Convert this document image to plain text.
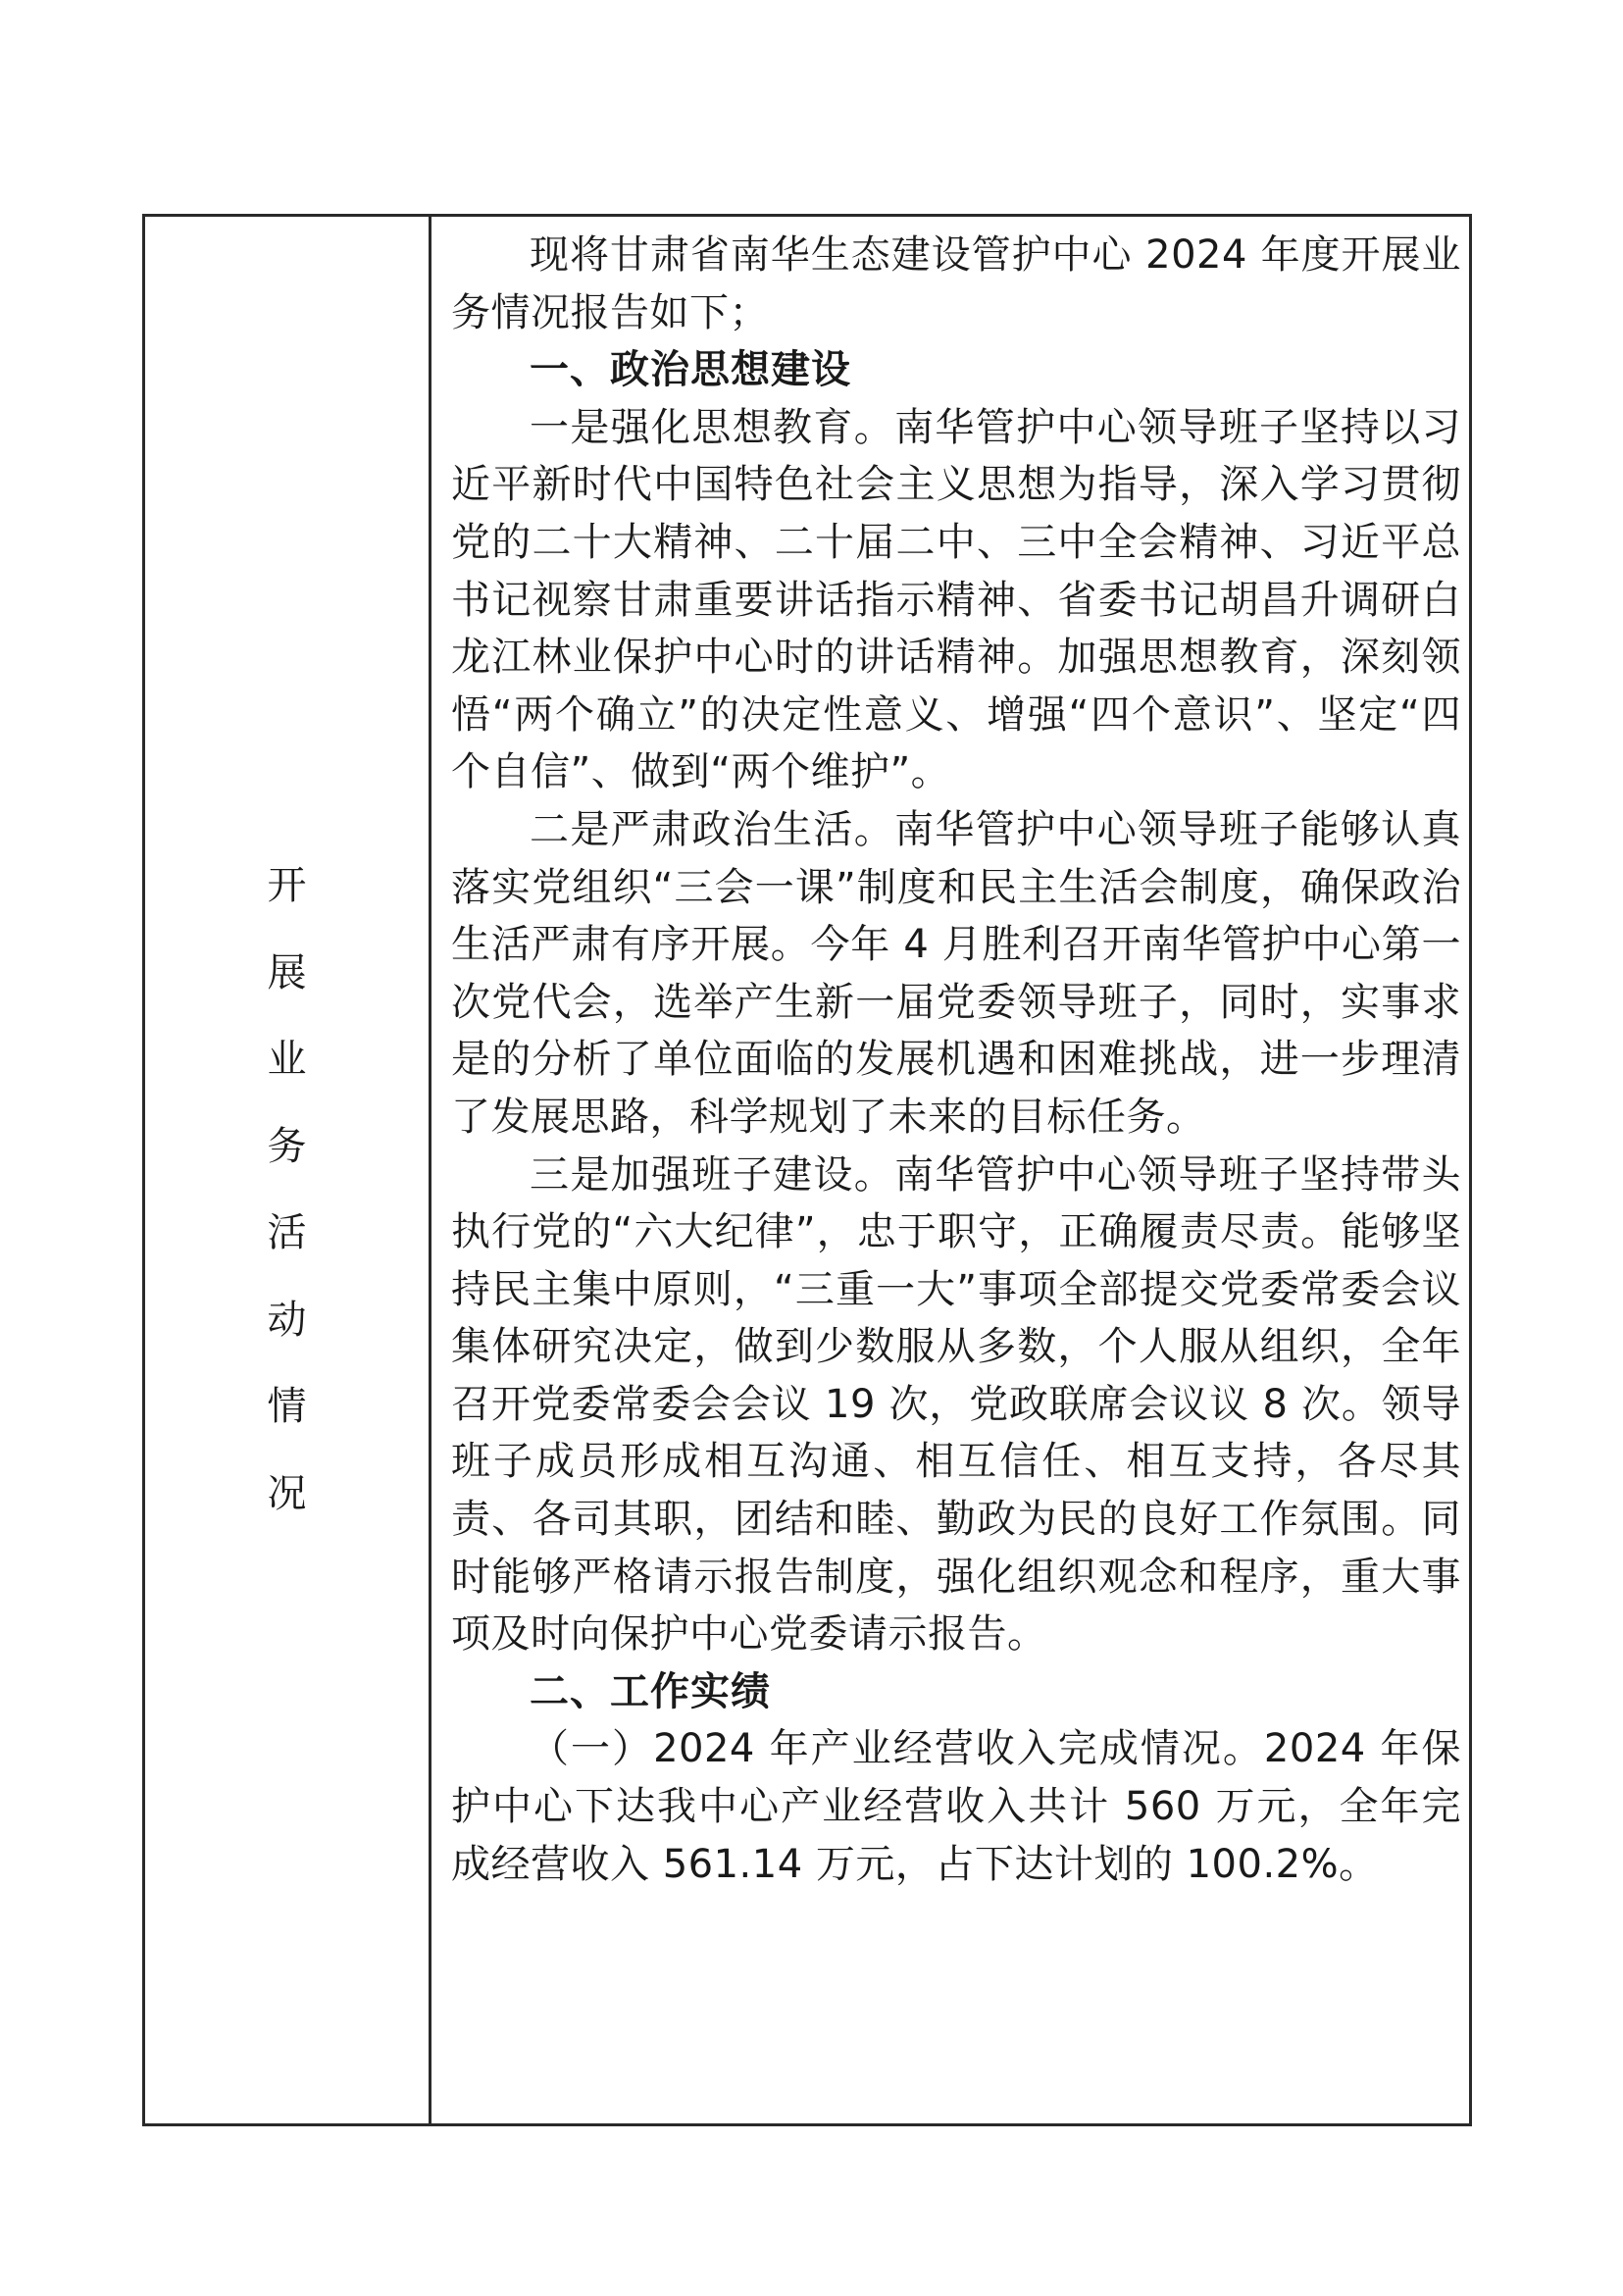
开
展
业
务
活
动
情
况

现将甘肃省南华生态建设管护中心 2024 年度开展业务情况报告如下；

一、政治思想建设

一是强化思想教育。南华管护中心领导班子坚持以习近平新时代中国特色社会主义思想为指导，深入学习贯彻党的二十大精神、二十届二中、三中全会精神、习近平总书记视察甘肃重要讲话指示精神、省委书记胡昌升调研白龙江林业保护中心时的讲话精神。加强思想教育，深刻领悟“两个确立”的决定性意义、增强“四个意识”、坚定“四个自信”、做到“两个维护”。

二是严肃政治生活。南华管护中心领导班子能够认真落实党组织“三会一课”制度和民主生活会制度，确保政治生活严肃有序开展。今年 4 月胜利召开南华管护中心第一次党代会，选举产生新一届党委领导班子，同时，实事求是的分析了单位面临的发展机遇和困难挑战，进一步理清了发展思路，科学规划了未来的目标任务。

三是加强班子建设。南华管护中心领导班子坚持带头执行党的“六大纪律”，忠于职守，正确履责尽责。能够坚持民主集中原则，“三重一大”事项全部提交党委常委会议集体研究决定，做到少数服从多数，个人服从组织，全年召开党委常委会会议 19 次，党政联席会议议 8 次。领导班子成员形成相互沟通、相互信任、相互支持，各尽其责、各司其职，团结和睦、勤政为民的良好工作氛围。同时能够严格请示报告制度，强化组织观念和程序，重大事项及时向保护中心党委请示报告。

二、工作实绩

（一）2024 年产业经营收入完成情况。2024 年保护中心下达我中心产业经营收入共计 560 万元，全年完成经营收入 561.14 万元，占下达计划的 100.2%。
